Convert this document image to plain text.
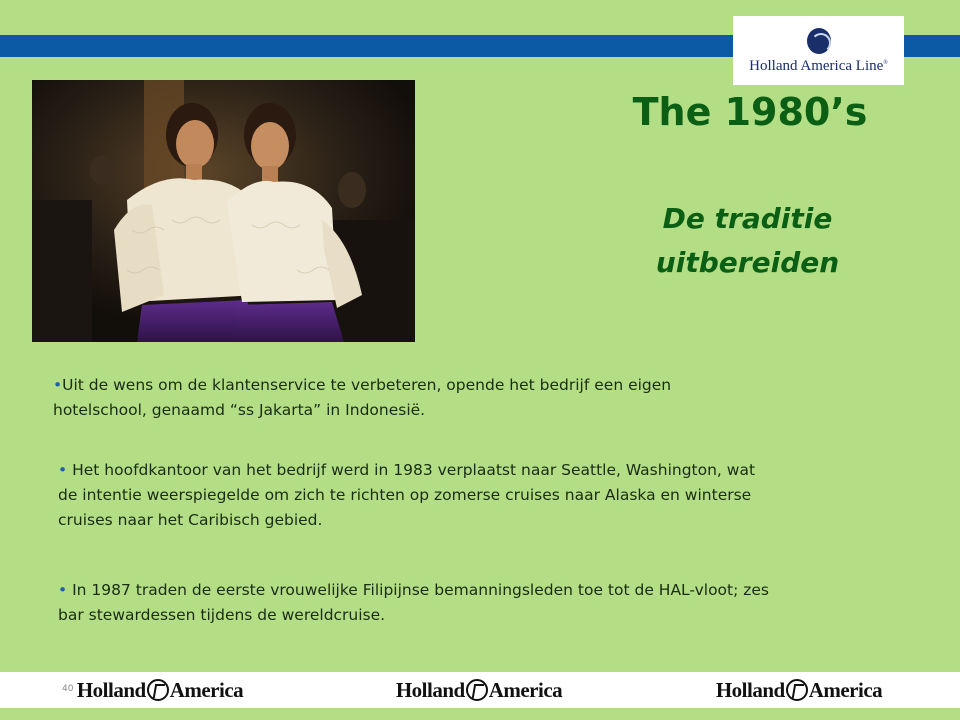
Holland America Line®
The 1980’s
De traditie
uitbereiden

•Uit de wens om de klantenservice te verbeteren, opende het bedrijf een eigen hotelschool, genaamd “ss Jakarta” in Indonesië.

• Het hoofdkantoor van het bedrijf werd in 1983 verplaatst naar Seattle, Washington, wat de intentie weerspiegelde om zich te richten op zomerse cruises naar Alaska en winterse cruises naar het Caribisch gebied.

• In 1987 traden de eerste vrouwelijke Filipijnse bemanningsleden toe tot de HAL-vloot; zes bar stewardessen tijdens de wereldcruise.

40 Holland America	Holland America	Holland America
